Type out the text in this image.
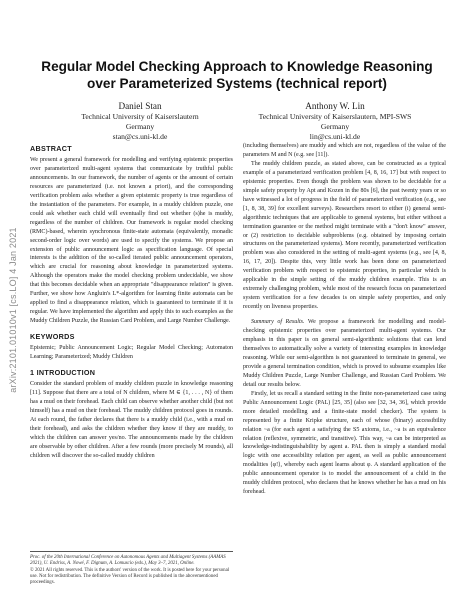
arXiv:2101.01010v1 [cs.LO] 4 Jan 2021
Regular Model Checking Approach to Knowledge Reasoning
over Parameterized Systems (technical report)
Daniel Stan
Technical University of Kaiserslautern
Germany
stan@cs.uni-kl.de
Anthony W. Lin
Technical University of Kaiserslautern, MPI-SWS
Germany
lin@cs.uni-kl.de
ABSTRACT

We present a general framework for modelling and verifying epistemic properties over parameterized multi-agent systems that communicate by truthful public announcements. In our framework, the number of agents or the amount of certain resources are parameterized (i.e. not known a priori), and the corresponding verification problem asks whether a given epistemic property is true regardless of the instantiation of the parameters. For example, in a muddy children puzzle, one could ask whether each child will eventually find out whether (s)he is muddy, regardless of the number of children. Our framework is regular model checking (RMC)-based, wherein synchronous finite-state automata (equivalently, monadic second-order logic over words) are used to specify the systems. We propose an extension of public announcement logic as specification language. Of special interests is the addition of the so-called iterated public announcement operators, which are crucial for reasoning about knowledge in parameterized systems. Although the operators make the model checking problem undecidable, we show that this becomes decidable when an appropriate "disappearance relation" is given. Further, we show how Angluin's L*-algorithm for learning finite automata can be applied to find a disappearance relation, which is guaranteed to terminate if it is regular. We have implemented the algorithm and apply this to such examples as the Muddy Children Puzzle, the Russian Card Problem, and Large Number Challenge.

KEYWORDS

Epistemic; Public Announcement Logic; Regular Model Checking; Automaton Learning; Parameterized; Muddy Children

1 INTRODUCTION

Consider the standard problem of muddy children puzzle in knowledge reasoning [11]. Suppose that there are a total of N children, where M ∈ {1, . . . , N} of them has a mud on their forehead. Each child can observe whether another child (but not himself) has a mud on their forehead. The muddy children protocol goes in rounds. At each round, the father declares that there is a muddy child (i.e., with a mud on their forehead), and asks the children whether they know if they are muddy, to which the children can answer yes/no. The announcements made by the children are observable by other children. After a few rounds (more precisely M rounds), all children will discover the so-called muddy children

Proc. of the 20th International Conference on Autonomous Agents and Multiagent Systems (AAMAS 2021), U. Endriss, A. Nowé, F. Dignum, A. Lomuscio (eds.), May 3–7, 2021, Online.
© 2021 All rights reserved. This is the authors' version of the work. It is posted here for your personal use. Not for redistribution. The definitive Version of Record is published in the abovementioned proceedings.

(including themselves) are muddy and which are not, regardless of the value of the parameters M and N (e.g. see [11]).

The muddy children puzzle, as stated above, can be constructed as a typical example of a parameterized verification problem [4, 8, 16, 17] but with respect to epistemic properties. Even though the problem was shown to be decidable for a simple safety property by Apt and Kozen in the 80s [6], the past twenty years or so have witnessed a lot of progress in the field of parameterized verification (e.g., see [1, 8, 38, 39] for excellent surveys). Researchers resort to either (i) general semi-algorithmic techniques that are applicable to general systems, but either without a termination guarantee or the method might terminate with a "don't know" answer, or (2) restriction to decidable subproblems (e.g. obtained by imposing certain structures on the parameterized systems). More recently, parameterized verification problem was also considered in the setting of multi-agent systems (e.g., see [4, 8, 16, 17, 20]). Despite this, very little work has been done on parameterized verification problem with respect to epistemic properties, in particular which is applicable in the simple setting of the muddy children example. This is an extremely challenging problem, while most of the research focus on parameterized system verification for a few decades is on simple safety properties, and only recently on liveness properties.

Summary of Results. We propose a framework for modelling and model-checking epistemic properties over parameterized multi-agent systems. Our emphasis in this paper is on general semi-algorithmic solutions that can lend themselves to automatically solve a variety of interesting examples in knowledge reasoning. While our semi-algorithm is not guaranteed to terminate in general, we provide a general termination condition, which is proved to subsume examples like Muddy Children Puzzle, Large Number Challenge, and Russian Card Problem. We detail our results below.

Firstly, let us recall a standard setting in the finite non-parameterized case using Public Announcement Logic (PAL) [25, 35] (also see [32, 34, 36], which provide more detailed modelling and a finite-state model checker). The system is represented by a finite Kripke structure, each of whose (binary) accessibility relation ~a (for each agent a satisfying the S5 axioms, i.e., ~a is an equivalence relation (reflexive, symmetric, and transitive). This way, ~a can be interpreted as knowledge-indistinguishability by agent a. PAL then is simply a standard modal logic with one accessibility relation per agent, as well as public announcement modalities ⟨φ!⟩, whereby each agent learns about φ. A standard application of the public announcement operator is to model the announcement of a child in the muddy children protocol, who declares that he knows whether he has a mud on his forehead.
